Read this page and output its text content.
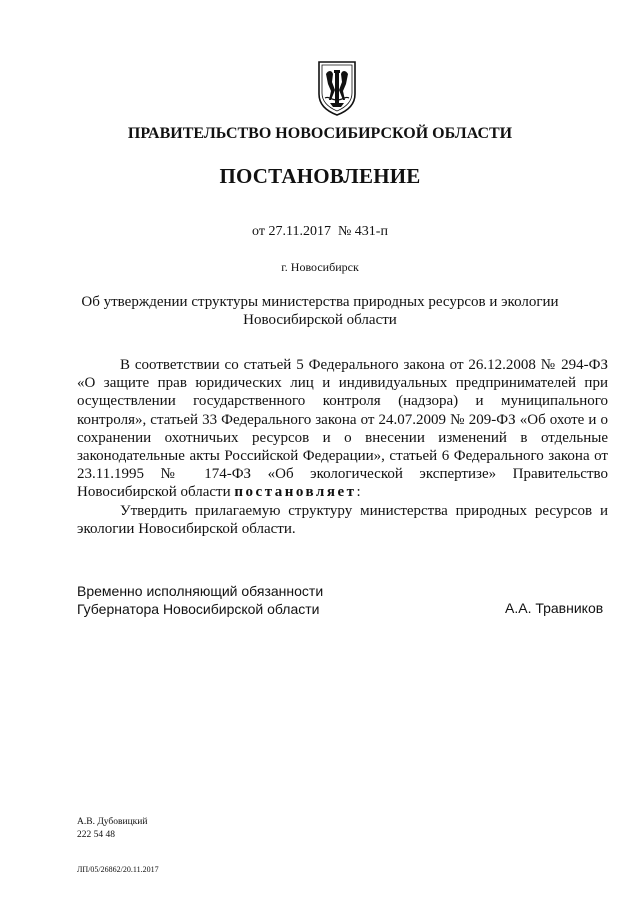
ПРАВИТЕЛЬСТВО НОВОСИБИРСКОЙ ОБЛАСТИ
ПОСТАНОВЛЕНИЕ
от 27.11.2017 № 431-п
г. Новосибирск
Об утверждении структуры министерства природных ресурсов и экологии
Новосибирской области

В соответствии со статьей 5 Федерального закона от 26.12.2008 № 294-ФЗ «О защите прав юридических лиц и индивидуальных предпринимателей при осуществлении государственного контроля (надзора) и муниципального контроля», статьей 33 Федерального закона от 24.07.2009 № 209-ФЗ «Об охоте и о сохранении охотничьих ресурсов и о внесении изменений в отдельные законодательные акты Российской Федерации», статьей 6 Федерального закона от 23.11.1995 № 174-ФЗ «Об экологической экспертизе» Правительство Новосибирской области постановляет:

Утвердить прилагаемую структуру министерства природных ресурсов и экологии Новосибирской области.

Временно исполняющий обязанности
Губернатора Новосибирской области	А.А. Травников
А.В. Дубовицкий
222 54 48
ЛП/05/26862/20.11.2017
